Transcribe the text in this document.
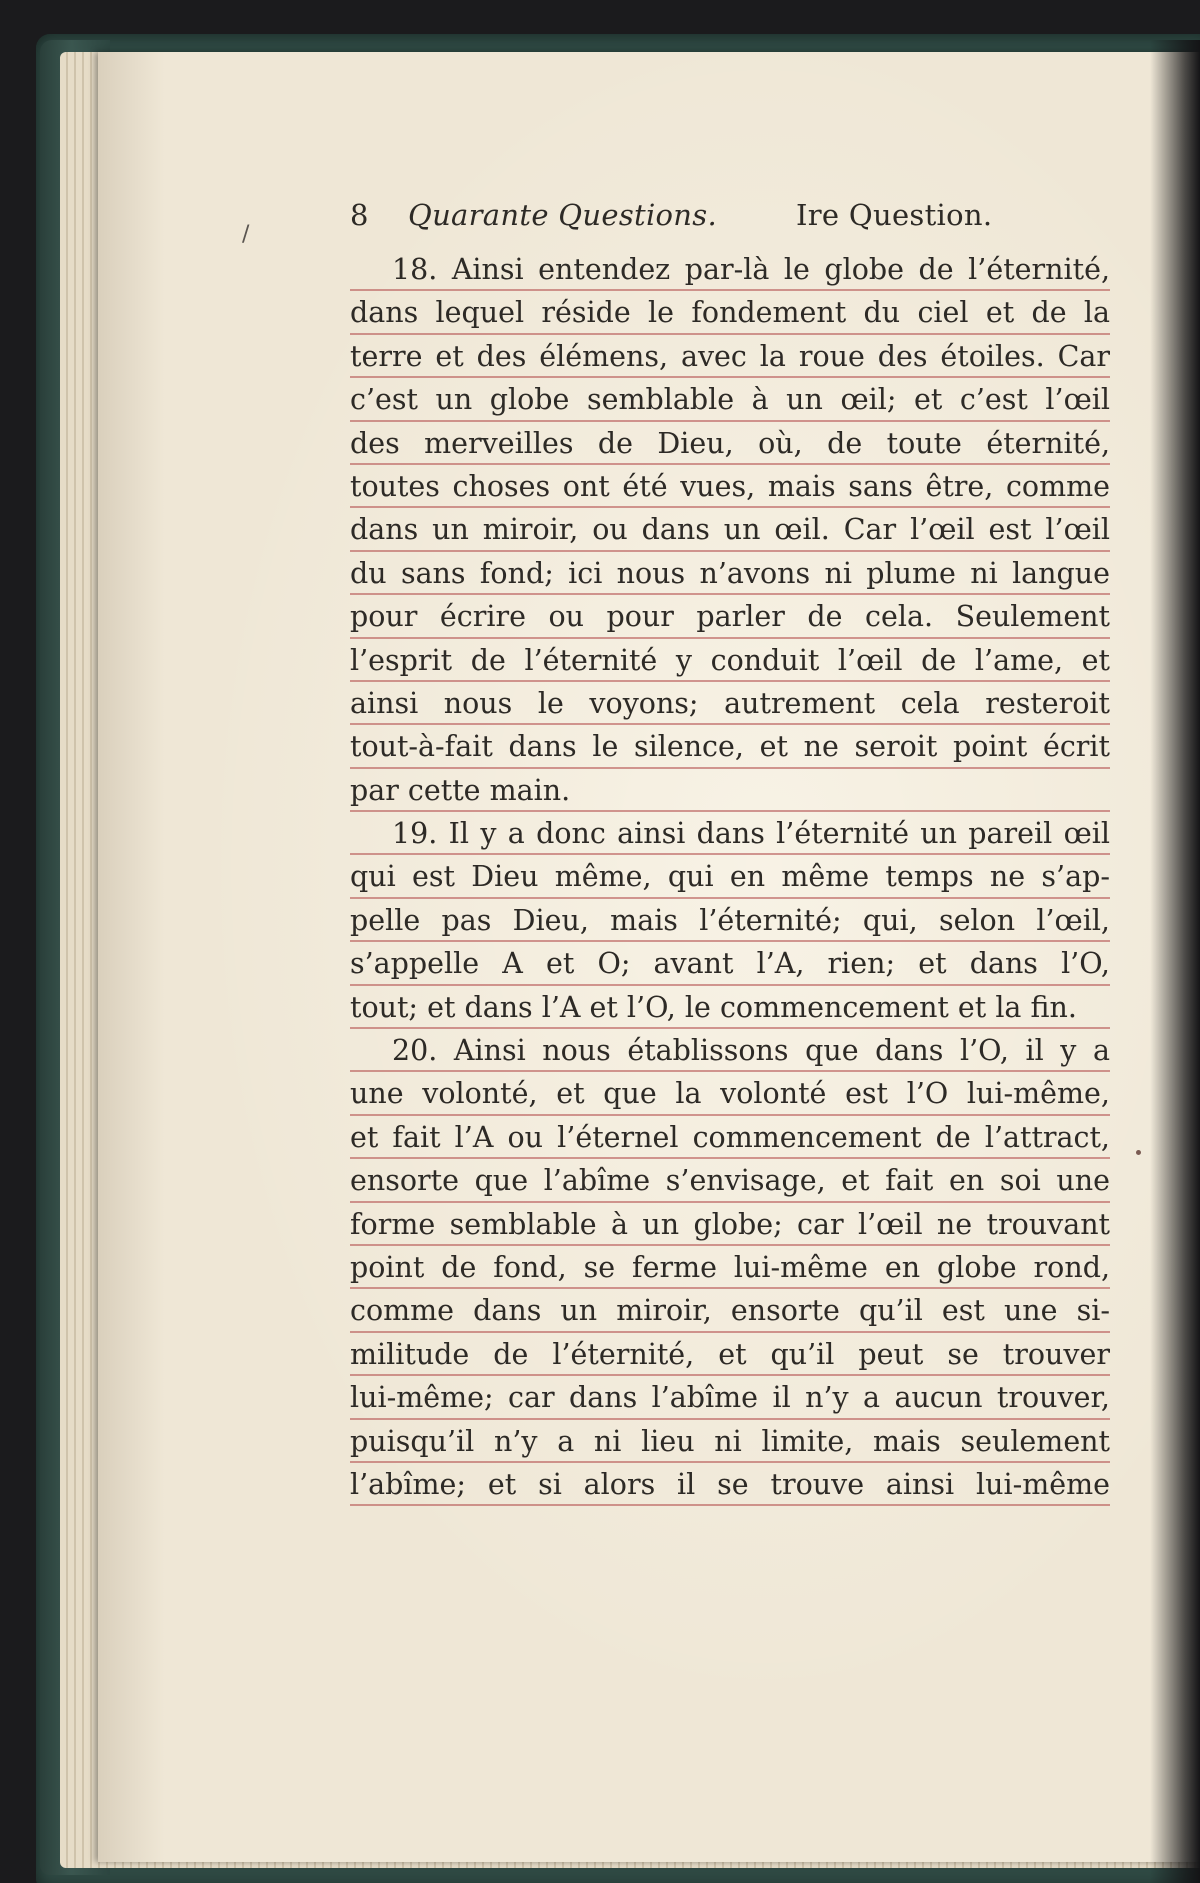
/
8	Quarante Questions.	Ire Question.
18. Ainsi entendez par-là le globe de l’éternité,
dans lequel réside le fondement du ciel et de la
terre et des élémens, avec la roue des étoiles. Car
c’est un globe semblable à un œil; et c’est l’œil
des merveilles de Dieu, où, de toute éternité,
toutes choses ont été vues, mais sans être, comme
dans un miroir, ou dans un œil. Car l’œil est l’œil
du sans fond; ici nous n’avons ni plume ni langue
pour écrire ou pour parler de cela. Seulement
l’esprit de l’éternité y conduit l’œil de l’ame, et
ainsi nous le voyons; autrement cela resteroit
tout-à-fait dans le silence, et ne seroit point écrit
par cette main.
19. Il y a donc ainsi dans l’éternité un pareil œil
qui est Dieu même, qui en même temps ne s’ap-
pelle pas Dieu, mais l’éternité; qui, selon l’œil,
s’appelle A et O; avant l’A, rien; et dans l’O,
tout; et dans l’A et l’O, le commencement et la fin.
20. Ainsi nous établissons que dans l’O, il y a
une volonté, et que la volonté est l’O lui-même,
et fait l’A ou l’éternel commencement de l’attract,
ensorte que l’abîme s’envisage, et fait en soi une
forme semblable à un globe; car l’œil ne trouvant
point de fond, se ferme lui-même en globe rond,
comme dans un miroir, ensorte qu’il est une si-
militude de l’éternité, et qu’il peut se trouver
lui-même; car dans l’abîme il n’y a aucun trouver,
puisqu’il n’y a ni lieu ni limite, mais seulement
l’abîme; et si alors il se trouve ainsi lui-même
